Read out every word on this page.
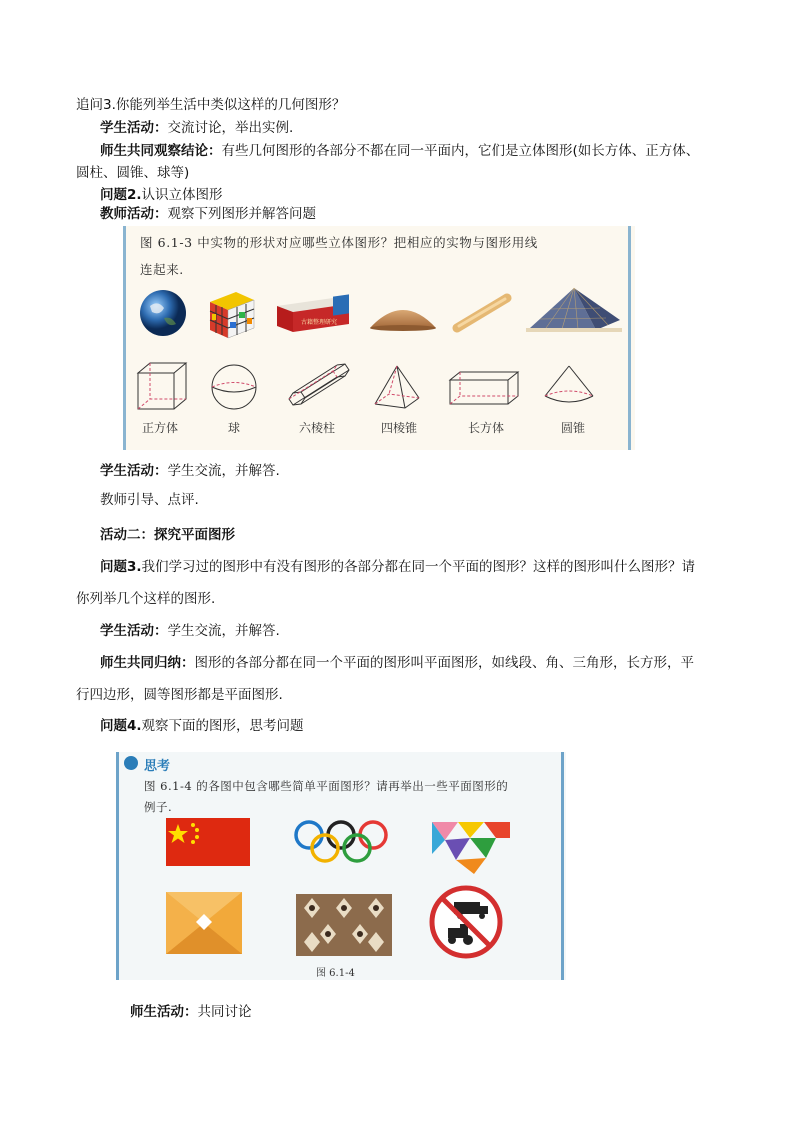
追问3.你能列举生活中类似这样的几何图形？
学生活动：交流讨论，举出实例.
师生共同观察结论：有些几何图形的各部分不都在同一平面内，它们是立体图形(如长方体、正方体、
圆柱、圆锥、球等)
问题2.认识立体图形
教师活动：观察下列图形并解答问题
图 6.1-3 中实物的形状对应哪些立体图形？把相应的实物与图形用线
连起来.
古籍整理研究
正方体	球	六棱柱	四棱锥	长方体	圆锥
学生活动：学生交流，并解答.
教师引导、点评.
活动二：探究平面图形
问题3.我们学习过的图形中有没有图形的各部分都在同一个平面的图形？这样的图形叫什么图形？请
你列举几个这样的图形.
学生活动：学生交流，并解答.
师生共同归纳：图形的各部分都在同一个平面的图形叫平面图形，如线段、角、三角形，长方形，平
行四边形，圆等图形都是平面图形.
问题4.观察下面的图形，思考问题
思考
图 6.1-4 的各图中包含哪些简单平面图形？请再举出一些平面图形的
例子.
图 6.1-4
师生活动：共同讨论
